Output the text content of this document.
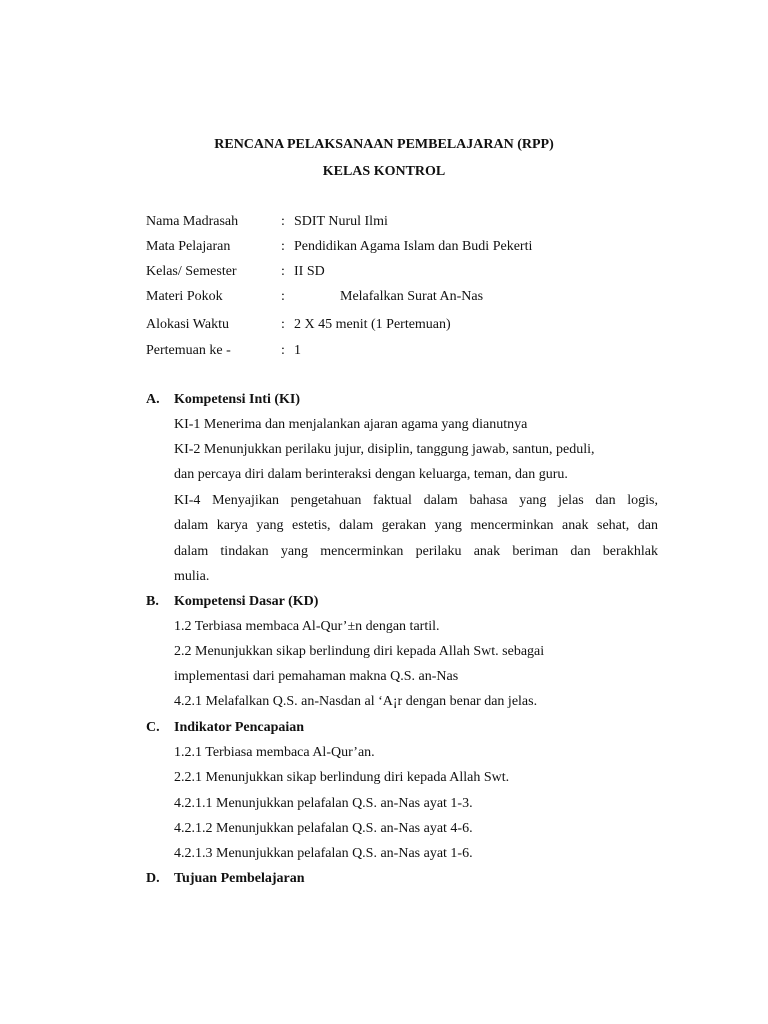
RENCANA PELAKSANAAN PEMBELAJARAN (RPP)
KELAS KONTROL
Nama Madrasah	: SDIT Nurul Ilmi
Mata Pelajaran	: Pendidikan Agama Islam dan Budi Pekerti
Kelas/ Semester	: II SD
Materi Pokok	:	Melafalkan Surat An-Nas
Alokasi Waktu	: 2 X 45 menit (1 Pertemuan)
Pertemuan ke -	: 1
A. Kompetensi Inti (KI)
KI-1 Menerima dan menjalankan ajaran agama yang dianutnya
KI-2 Menunjukkan perilaku jujur, disiplin, tanggung jawab, santun, peduli,
dan percaya diri dalam berinteraksi dengan keluarga, teman, dan guru.
KI-4 Menyajikan pengetahuan faktual dalam bahasa yang jelas dan logis,
dalam karya yang estetis, dalam gerakan yang mencerminkan anak sehat, dan
dalam tindakan yang mencerminkan perilaku anak beriman dan berakhlak
mulia.
B. Kompetensi Dasar (KD)
1.2 Terbiasa membaca Al-Qur’±n dengan tartil.
2.2 Menunjukkan sikap berlindung diri kepada Allah Swt. sebagai
implementasi dari pemahaman makna Q.S. an-Nas
4.2.1 Melafalkan Q.S. an-Nasdan al ‘A¡r dengan benar dan jelas.
C. Indikator Pencapaian
1.2.1 Terbiasa membaca Al-Qur’an.
2.2.1 Menunjukkan sikap berlindung diri kepada Allah Swt.
4.2.1.1 Menunjukkan pelafalan Q.S. an-Nas ayat 1-3.
4.2.1.2 Menunjukkan pelafalan Q.S. an-Nas ayat 4-6.
4.2.1.3 Menunjukkan pelafalan Q.S. an-Nas ayat 1-6.
D. Tujuan Pembelajaran
